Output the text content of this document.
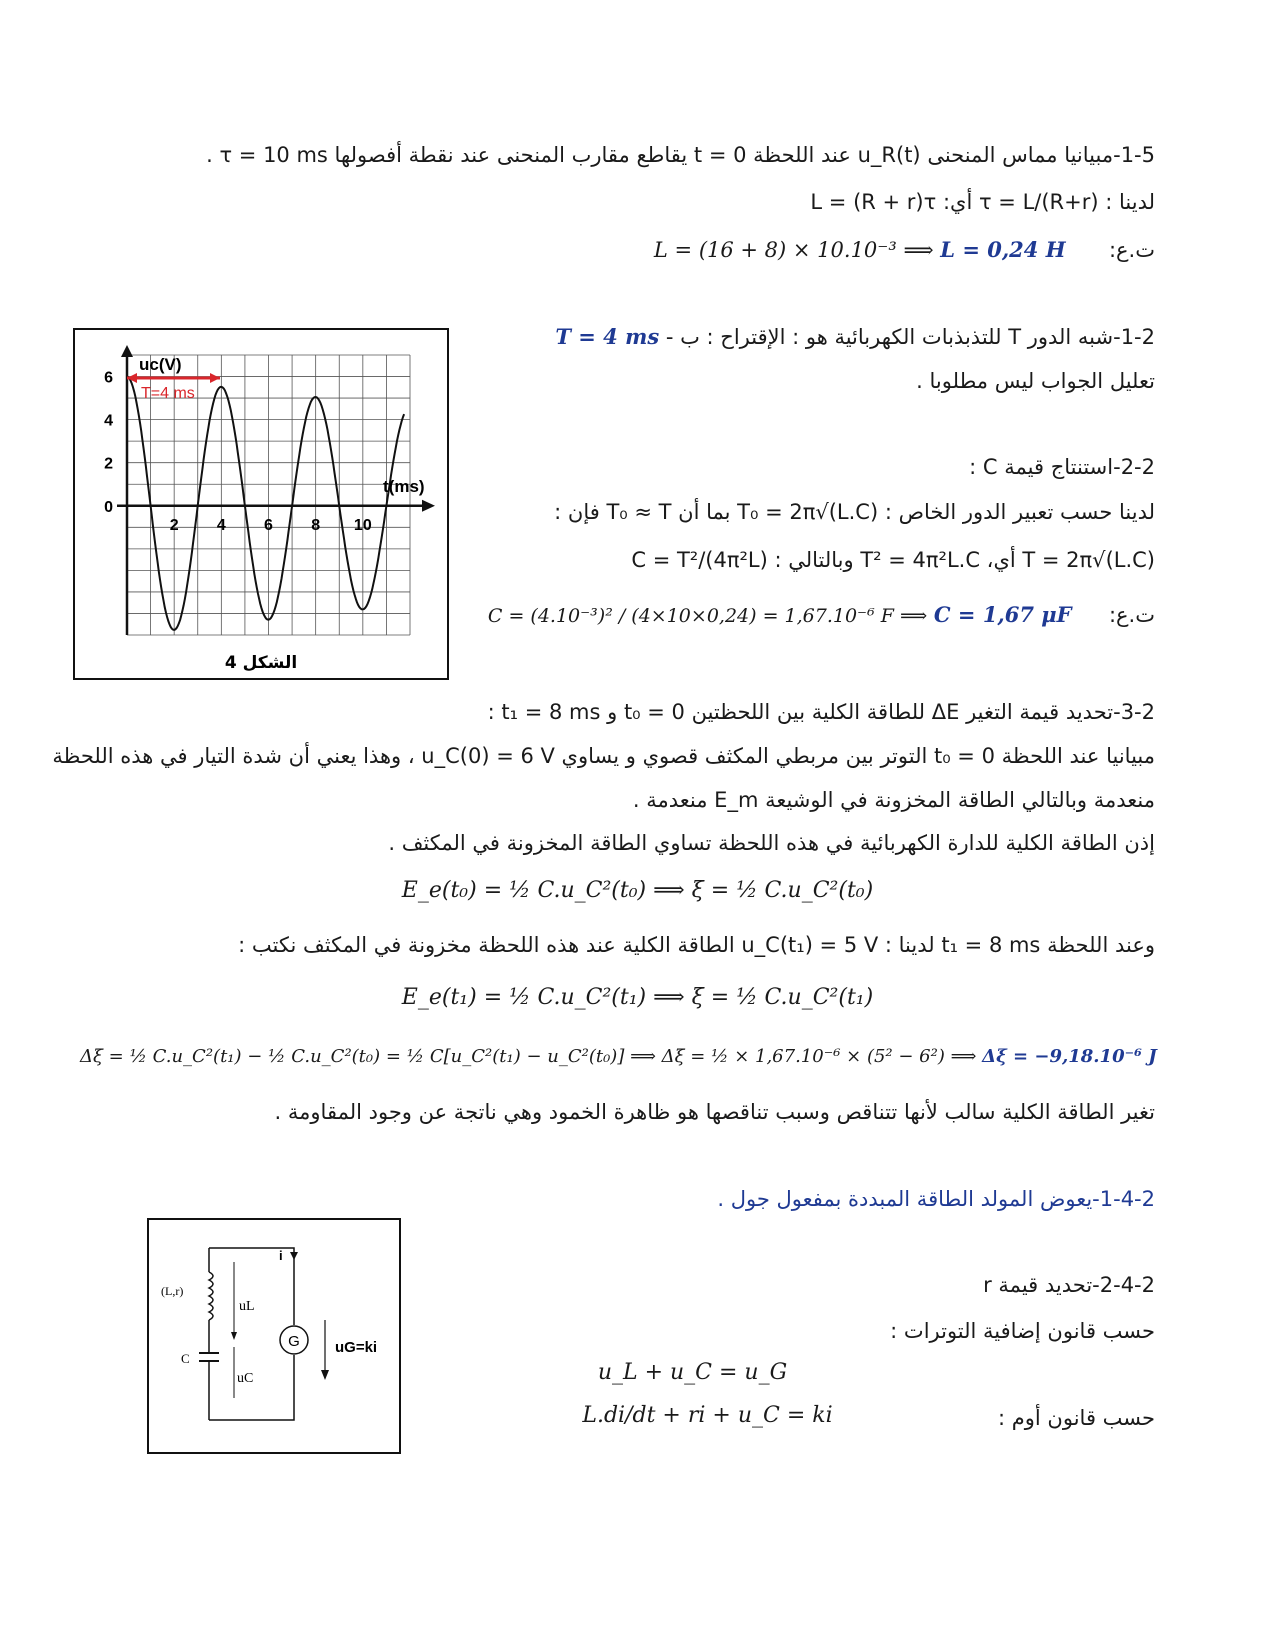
1-5-مبيانيا مماس المنحنى u_R(t) عند اللحظة t = 0 يقاطع مقارب المنحنى عند نقطة أفصولها τ = 10 ms .
لدينا : τ = L/(R+r) أي: L = (R + r)τ
ت.ع:  L = 0,24 H L = (16 + 8) × 10.10⁻³ ⟹
1-2-شبه الدور T للتذبذبات الكهربائية هو : الإقتراح : ب - T = 4 ms
تعليل الجواب ليس مطلوبا .
2-2-استنتاج قيمة C :
لدينا حسب تعبير الدور الخاص : T₀ = 2π√(L.C) بما أن T₀ ≈ T فإن :
T = 2π√(L.C) أي، T² = 4π²L.C وبالتالي : C = T²/(4π²L)
ت.ع:  C = 1,67 μF C = (4.10⁻³)² / (4×10×0,24) = 1,67.10⁻⁶ F ⟹
6
4
2
0
2 4 6 8 10
uc(V)
t(ms)
T=4 ms
الشكل 4
3-2-تحديد قيمة التغير ΔE للطاقة الكلية بين اللحظتين t₀ = 0 و t₁ = 8 ms :
مبيانيا عند اللحظة t₀ = 0 التوتر بين مربطي المكثف قصوي و يساوي u_C(0) = 6 V ، وهذا يعني أن شدة التيار في هذه اللحظة
منعدمة وبالتالي الطاقة المخزونة في الوشيعة E_m منعدمة .
إذن الطاقة الكلية للدارة الكهربائية في هذه اللحظة تساوي الطاقة المخزونة في المكثف .
E_e(t₀) = ½ C.u_C²(t₀) ⟹ ξ = ½ C.u_C²(t₀)
وعند اللحظة t₁ = 8 ms لدينا : u_C(t₁) = 5 V الطاقة الكلية عند هذه اللحظة مخزونة في المكثف نكتب :
E_e(t₁) = ½ C.u_C²(t₁) ⟹ ξ = ½ C.u_C²(t₁)
Δξ = ½ C.u_C²(t₁) − ½ C.u_C²(t₀) = ½ C[u_C²(t₁) − u_C²(t₀)] ⟹ Δξ = ½ × 1,67.10⁻⁶ × (5² − 6²) ⟹ Δξ = −9,18.10⁻⁶ J
تغير الطاقة الكلية سالب لأنها تتناقص وسبب تناقصها هو ظاهرة الخمود وهي ناتجة عن وجود المقاومة .
1-4-2-يعوض المولد الطاقة المبددة بمفعول جول .
G
i
uL
uC
uG=ki
(L,r)
C
2-4-2-تحديد قيمة r
حسب قانون إضافية التوترات :
u_L + u_C = u_G
حسب قانون أوم :
L.di/dt + ri + u_C = ki
